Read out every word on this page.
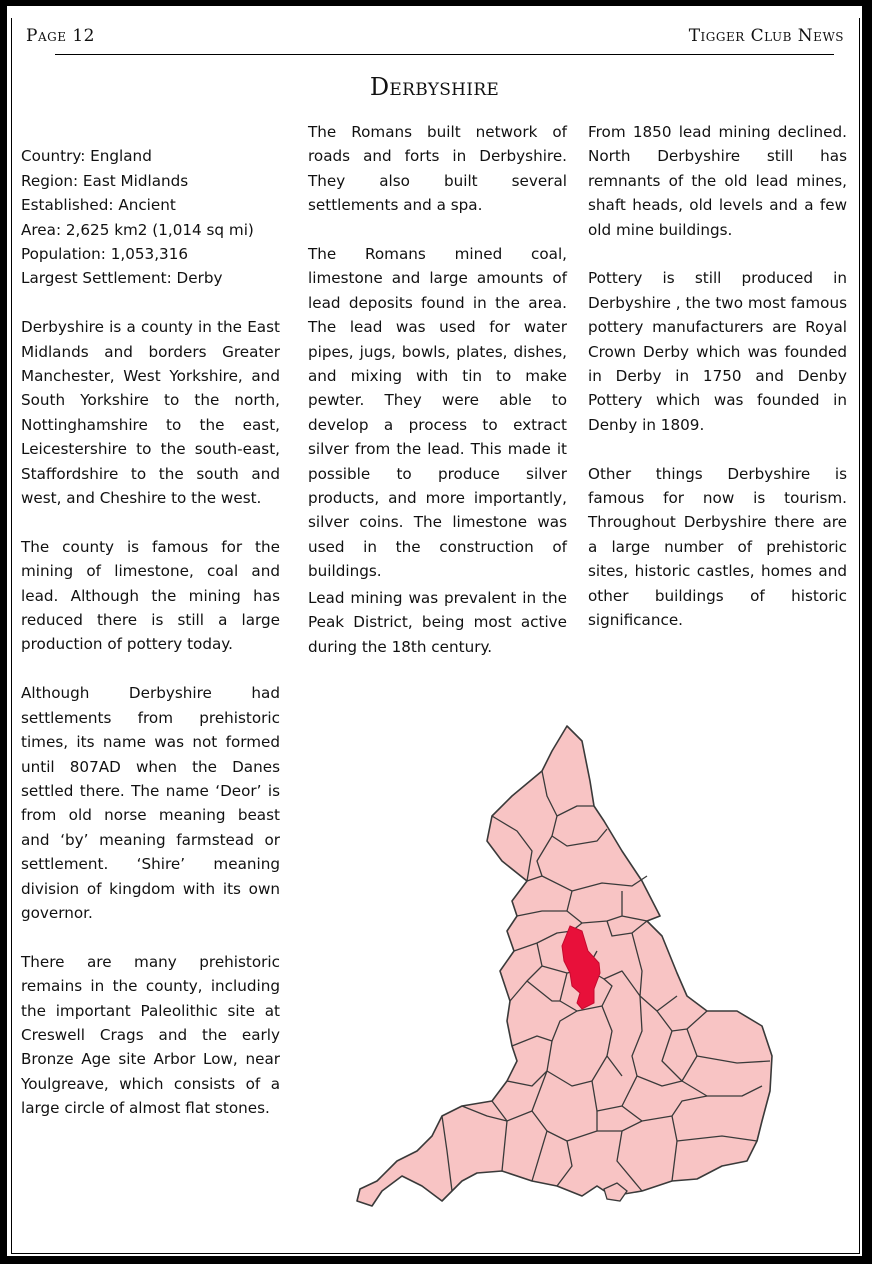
Page 12	Tigger Club News
Derbyshire

Country: England
Region: East Midlands
Established: Ancient
Area: 2,625 km2 (1,014 sq mi)
Population: 1,053,316
Largest Settlement: Derby

Derbyshire is a county in the East Midlands and borders Greater Manchester, West Yorkshire, and South Yorkshire to the north, Nottinghamshire to the east, Leicestershire to the south-east, Staffordshire to the south and west, and Cheshire to the west.

The county is famous for the mining of limestone, coal and lead. Although the mining has reduced there is still a large production of pottery today.

Although Derbyshire had settlements from prehistoric times, its name was not formed until 807AD when the Danes settled there. The name ‘Deor’ is from old norse meaning beast and ‘by’ meaning farmstead or settlement. ‘Shire’ meaning division of kingdom with its own governor.

There are many prehistoric remains in the county, including the important Paleolithic site at Creswell Crags and the early Bronze Age site Arbor Low, near Youlgreave, which consists of a large circle of almost flat stones.

The Romans built network of roads and forts in Derbyshire. They also built several settlements and a spa.

The Romans mined coal, limestone and large amounts of lead deposits found in the area. The lead was used for water pipes, jugs, bowls, plates, dishes, and mixing with tin to make pewter. They were able to develop a process to extract silver from the lead. This made it possible to produce silver products, and more importantly, silver coins. The limestone was used in the construction of buildings.

Lead mining was prevalent in the Peak District, being most active during the 18th century.

From 1850 lead mining declined. North Derbyshire still has remnants of the old lead mines, shaft heads, old levels and a few old mine buildings.

Pottery is still produced in Derbyshire , the two most famous pottery manufacturers are Royal Crown Derby which was founded in Derby in 1750 and Denby Pottery which was founded in Denby in 1809.

Other things Derbyshire is famous for now is tourism. Throughout Derbyshire there are a large number of prehistoric sites, historic castles, homes and other buildings of historic significance.
